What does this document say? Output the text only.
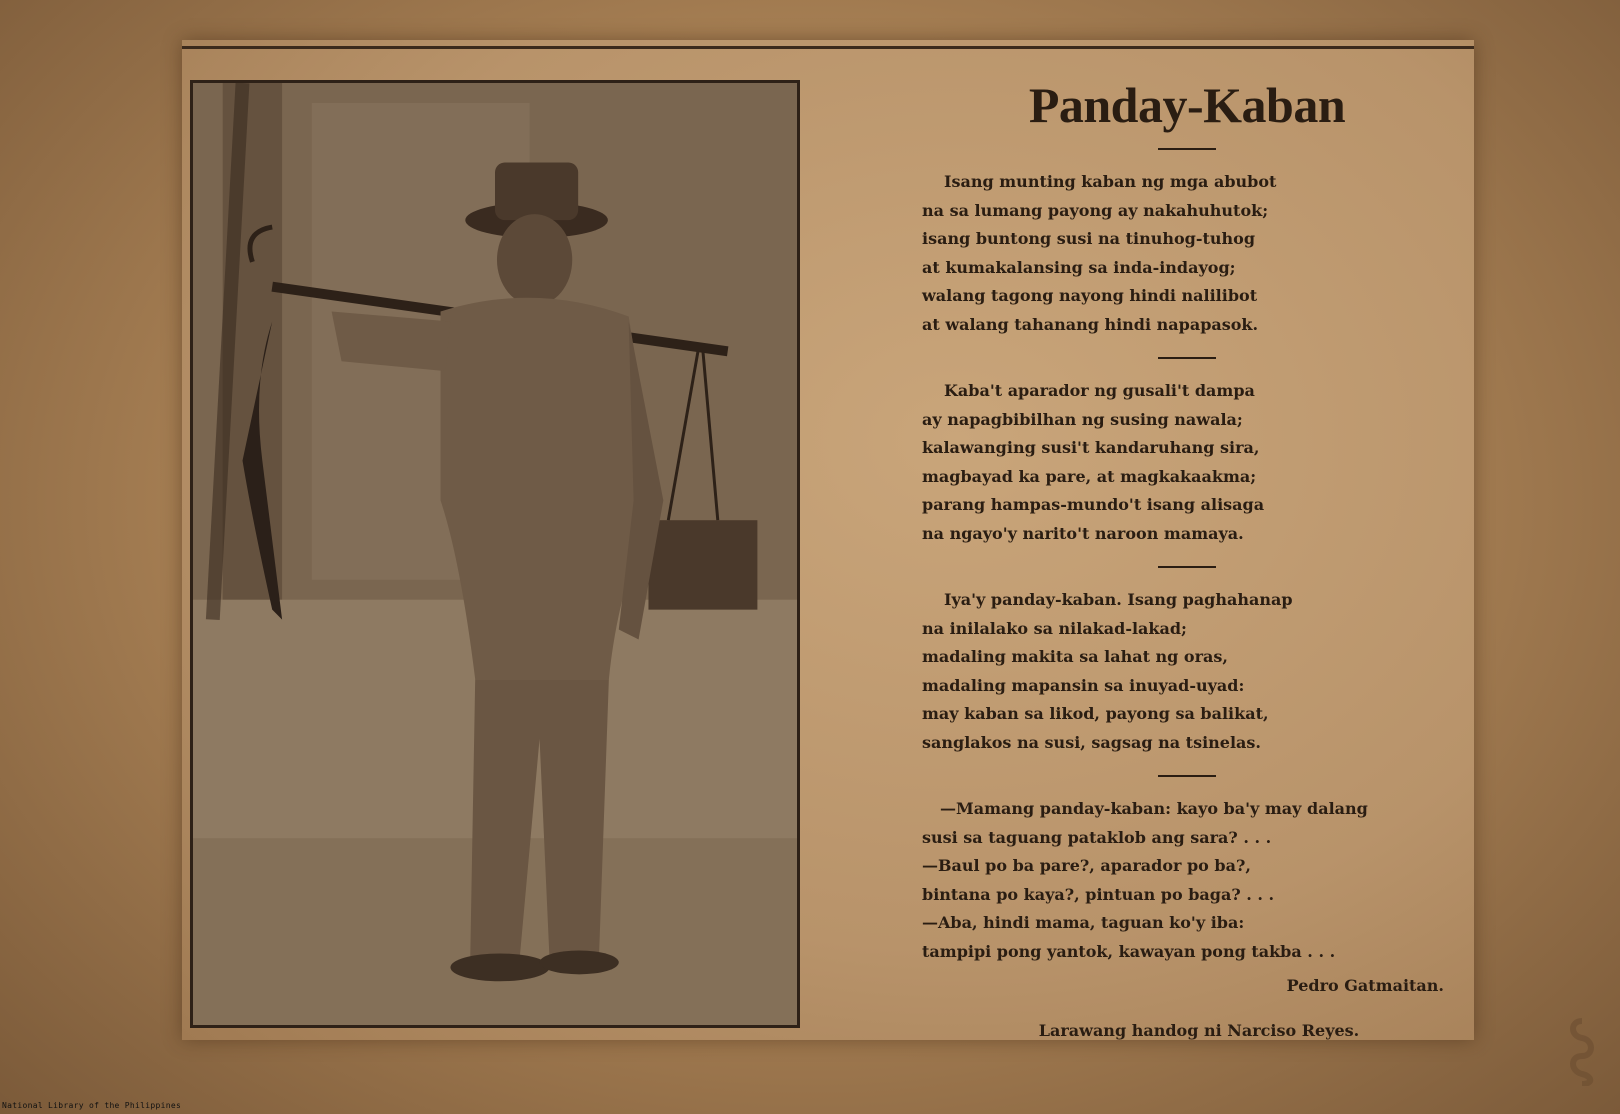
Panday-Kaban
Isang munting kaban ng mga abubot
na sa lumang payong ay nakahuhutok;
isang buntong susi na tinuhog-tuhog
at kumakalansing sa inda-indayog;
walang tagong nayong hindi nalilibot
at walang tahanang hindi napapasok.
Kaba't aparador ng gusali't dampa
ay napagbibilhan ng susing nawala;
kalawanging susi't kandaruhang sira,
magbayad ka pare, at magkakaakma;
parang hampas-mundo't isang alisaga
na ngayo'y narito't naroon mamaya.
Iya'y panday-kaban. Isang paghahanap
na inilalako sa nilakad-lakad;
madaling makita sa lahat ng oras,
madaling mapansin sa inuyad-uyad:
may kaban sa likod, payong sa balikat,
sanglakos na susi, sagsag na tsinelas.
—Mamang panday-kaban: kayo ba'y may dalang
susi sa taguang pataklob ang sara? . . .
—Baul po ba pare?, aparador po ba?,
bintana po kaya?, pintuan po baga? . . .
—Aba, hindi mama, taguan ko'y iba:
tampipi pong yantok, kawayan pong takba . . .
Pedro Gatmaitan.
Larawang handog ni Narciso Reyes.
National Library of the Philippines
